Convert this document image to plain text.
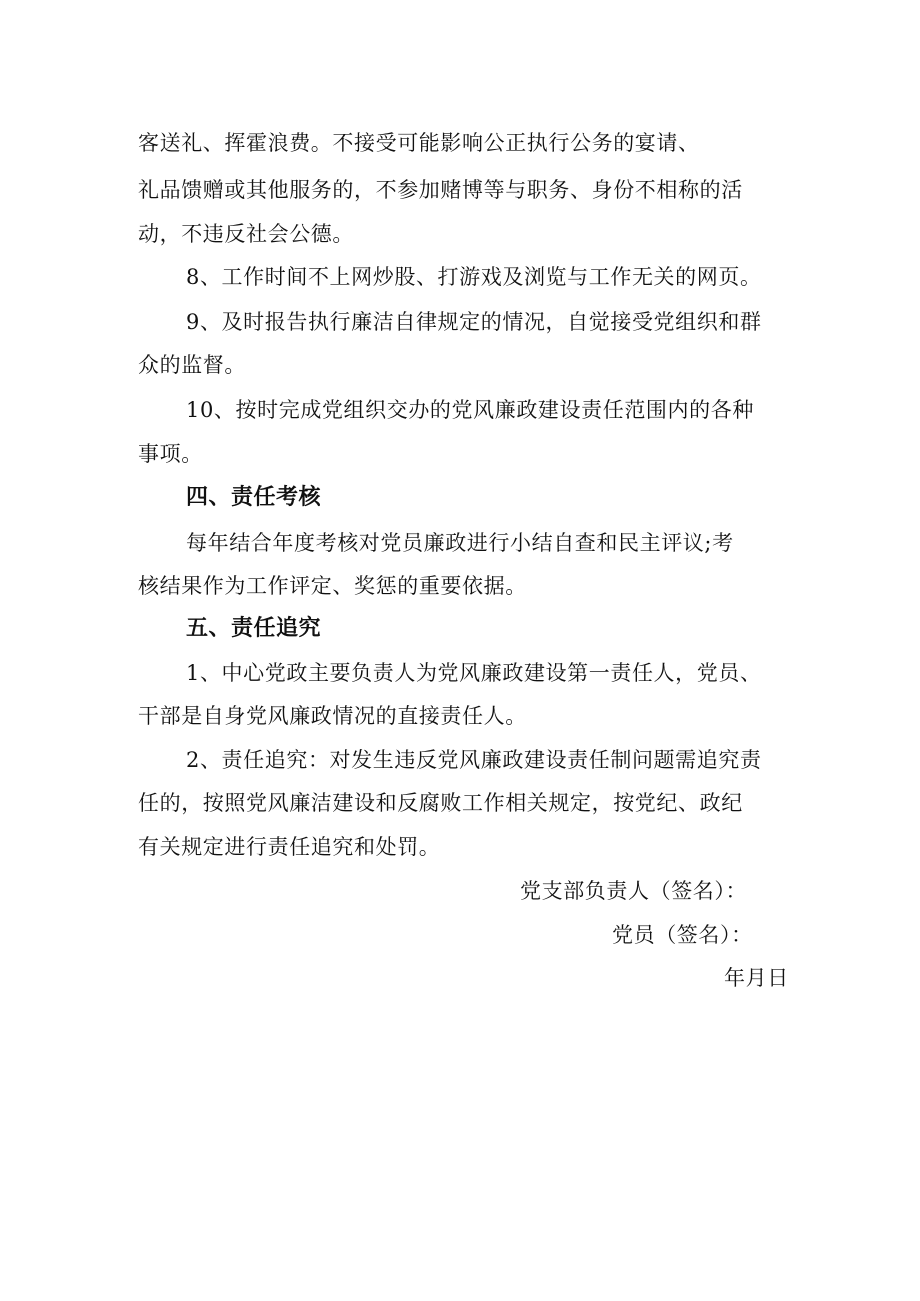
客送礼、挥霍浪费。不接受可能影响公正执行公务的宴请、
礼品馈赠或其他服务的，不参加赌博等与职务、身份不相称的活
动，不违反社会公德。
8、工作时间不上网炒股、打游戏及浏览与工作无关的网页。
9、及时报告执行廉洁自律规定的情况，自觉接受党组织和群
众的监督。
10、按时完成党组织交办的党风廉政建设责任范围内的各种
事项。
四、责任考核
每年结合年度考核对党员廉政进行小结自查和民主评议;考
核结果作为工作评定、奖惩的重要依据。
五、责任追究
1、中心党政主要负责人为党风廉政建设第一责任人，党员、
干部是自身党风廉政情况的直接责任人。
2、责任追究：对发生违反党风廉政建设责任制问题需追究责
任的，按照党风廉洁建设和反腐败工作相关规定，按党纪、政纪
有关规定进行责任追究和处罚。
党支部负责人（签名）：
党员（签名）：
年月日
